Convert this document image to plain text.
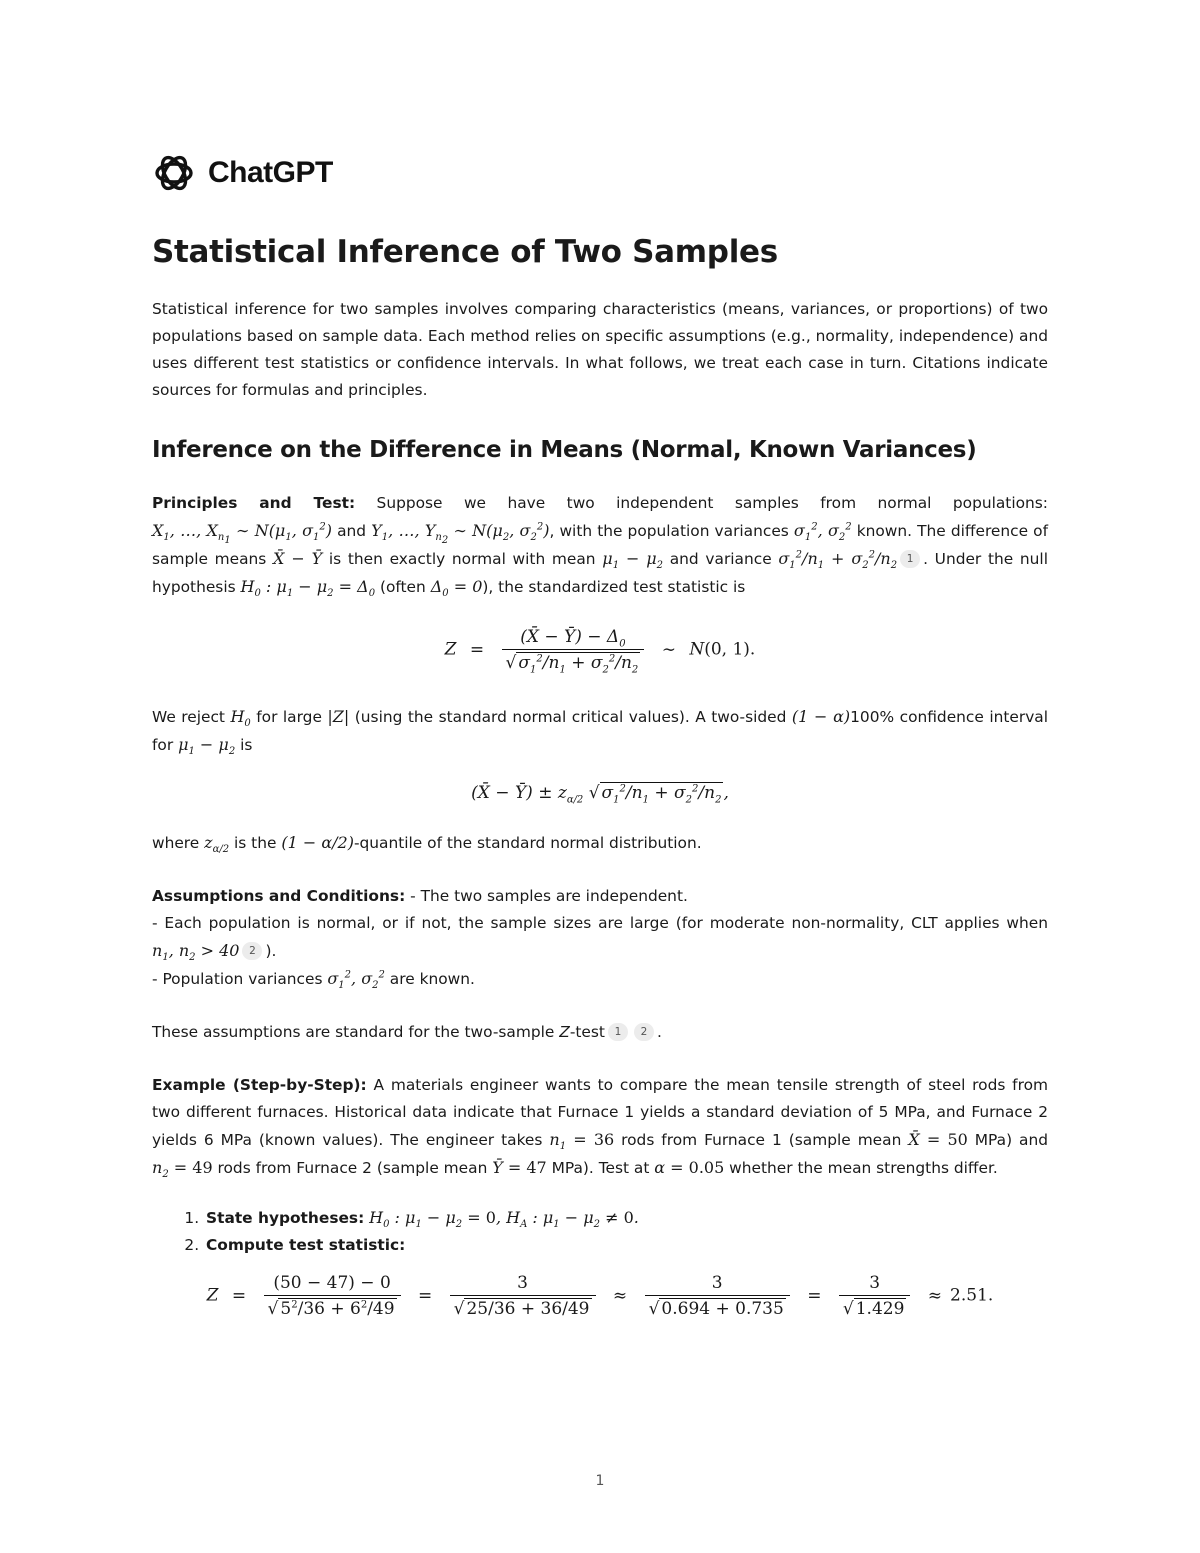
ChatGPT
Statistical Inference of Two Samples

Statistical inference for two samples involves comparing characteristics (means, variances, or proportions) of two populations based on sample data. Each method relies on specific assumptions (e.g., normality, independence) and uses different test statistics or confidence intervals. In what follows, we treat each case in turn. Citations indicate sources for formulas and principles.

Inference on the Difference in Means (Normal, Known Variances)

Principles and Test: Suppose we have two independent samples from normal populations: $X_1$, …, $X_{n_1}$ ∼ $N(\mu_1$, $\sigma_1^2$) and $Y_1$, …, $Y_{n_2}$ ∼ $N(\mu_2$, $\sigma_2^2$), with the population variances $\sigma_1^2$, $\sigma_2^2$ known. The difference of sample means X̄ − Ȳ is then exactly normal with mean $\mu_1 - \mu_2$ and variance $\sigma_1^2/n_1 + \sigma_2^2/n_21$ . Under the null hypothesis $H_0$ : $\mu_1 - \mu_2 = \Delta_0$ (often $\Delta_0 = 0$), the standardized test statistic is

$Z = \frac{(X̄ - Ȳ) - \Delta_0}{√ \sigma_1^2/n_1 + \sigma_2^2/n_2}$ ∼ N(0, 1).

We reject $H_0$ for large |Z| (using the standard normal critical values). A two-sided (1 − α)100% confidence interval for $\mu_1 - \mu_2$ is

(X̄ − Ȳ) ± $z_{\alpha/2}$ √ $\sigma_1^2/n_1 + \sigma_2^2/n_2$ ,

where $z_{\alpha/2}$ is the (1 − α/2)-quantile of the standard normal distribution.

Assumptions and Conditions: - The two samples are independent.
- Each population is normal, or if not, the sample sizes are large (for moderate non-normality, CLT applies when $n_1$, $n_2 > 40$ 2 ).
- Population variances $\sigma_1^2$, $\sigma_2^2$ are known.

These assumptions are standard for the two-sample Z-test 1 2 .

Example (Step-by-Step): A materials engineer wants to compare the mean tensile strength of steel rods from two different furnaces. Historical data indicate that Furnace 1 yields a standard deviation of 5 MPa, and Furnace 2 yields 6 MPa (known values). The engineer takes $n_1 = 36$ rods from Furnace 1 (sample mean X̄ = 50 MPa) and $n_2 = 49$ rods from Furnace 2 (sample mean Ȳ = 47 MPa). Test at α = 0.05 whether the mean strengths differ.

1. State hypotheses: $H_0$ : $\mu_1 - \mu_2 = 0$, $H_A$ : $\mu_1 - \mu_2 \ne 0$.
2. Compute test statistic:
$Z = \frac{(50 - 47) - 0}{√ 5^2/36 + 6^2/49} = \frac{3}{√ 25/36 + 36/49} \approx \frac{3}{√ 0.694 + 0.735} = \frac{3}{√ 1.429} \approx 2.51$.
1
